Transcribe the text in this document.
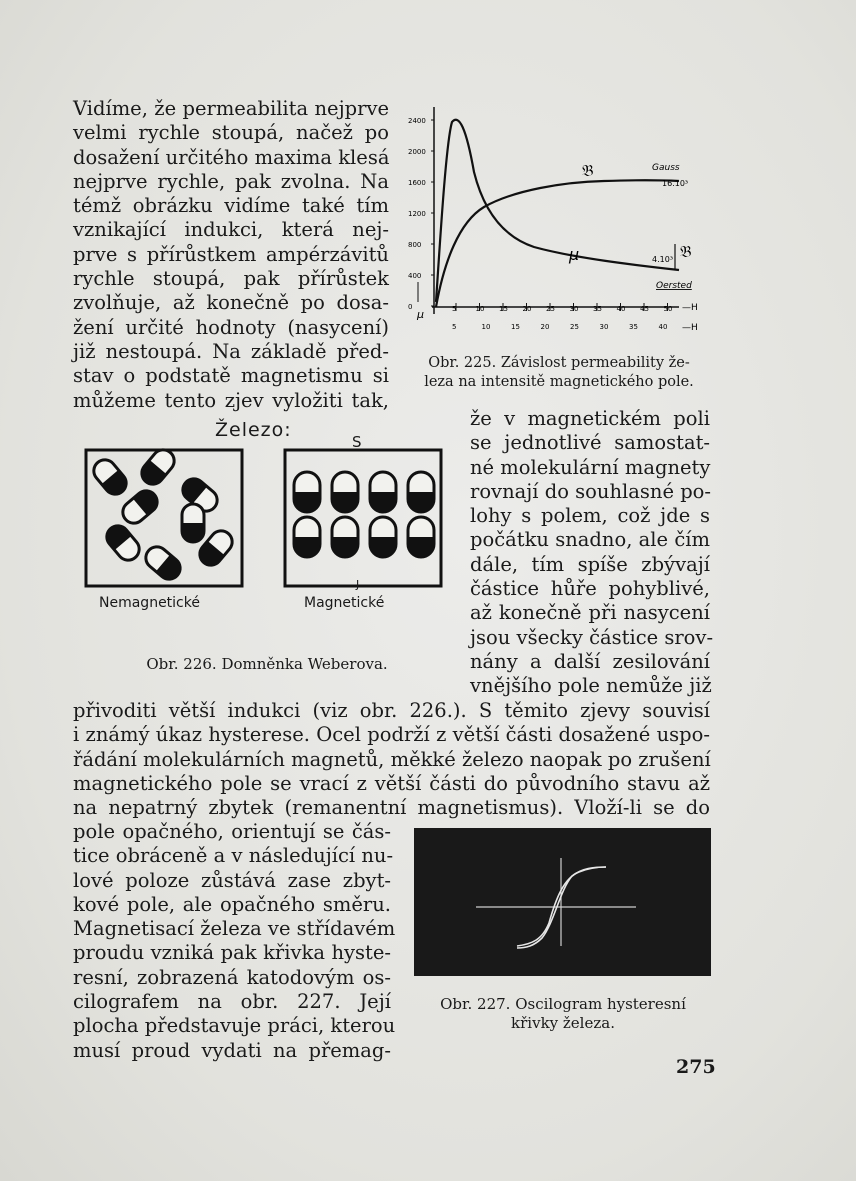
Vidíme, že permeabilita nejprve
velmi rychle stoupá, načež po
dosažení určitého maxima klesá
nejprve rychle, pak zvolna. Na
témž obrázku vidíme také tím
vznikající indukci, která nej-
prve s přírůstkem ampérzávitů
rychle stoupá, pak přírůstek
zvolňuje, až konečně po dosa-
žení určité hodnoty (nasycení)
již nestoupá. Na základě před-
stav o podstatě magnetismu si
můžeme tento zjev vyložiti tak,
2400
2000
1600
1200
800
400
0	5	10 15 20 25 30 35 40 45 50
5	10	15	20	25	30	35	40
𝔅
μ
Gauss
16.10³
4.10³ 𝔅
Oersted
μ	—H
—H
Obr. 225. Závislost permeability že-
leza na intensitě magnetického pole.
Železo:
S
J
Nemagnetické	Magnetické
Obr. 226. Domněnka Weberova.
že v magnetickém poli
se jednotlivé samostat-
né molekulární magnety
rovnají do souhlasné po-
lohy s polem, což jde s
počátku snadno, ale čím
dále, tím spíše zbývají
částice hůře pohyblivé,
až konečně při nasycení
jsou všecky částice srov-
nány a další zesilování
vnějšího pole nemůže již
přivoditi větší indukci (viz obr. 226.). S těmito zjevy souvisí
i známý úkaz hysterese. Ocel podrží z větší části dosažené uspo-
řádání molekulárních magnetů, měkké železo naopak po zrušení
magnetického pole se vrací z větší části do původního stavu až
na nepatrný zbytek (remanentní magnetismus). Vloží-li se do
pole opačného, orientují se čás-
tice obráceně a v následující nu-
lové poloze zůstává zase zbyt-
kové pole, ale opačného směru.
Magnetisací železa ve střídavém
proudu vzniká pak křivka hyste-
resní, zobrazená katodovým os-
cilografem na obr. 227. Její
plocha představuje práci, kterou
musí proud vydati na přemag-
Obr. 227. Oscilogram hysteresní
křivky železa.
275
